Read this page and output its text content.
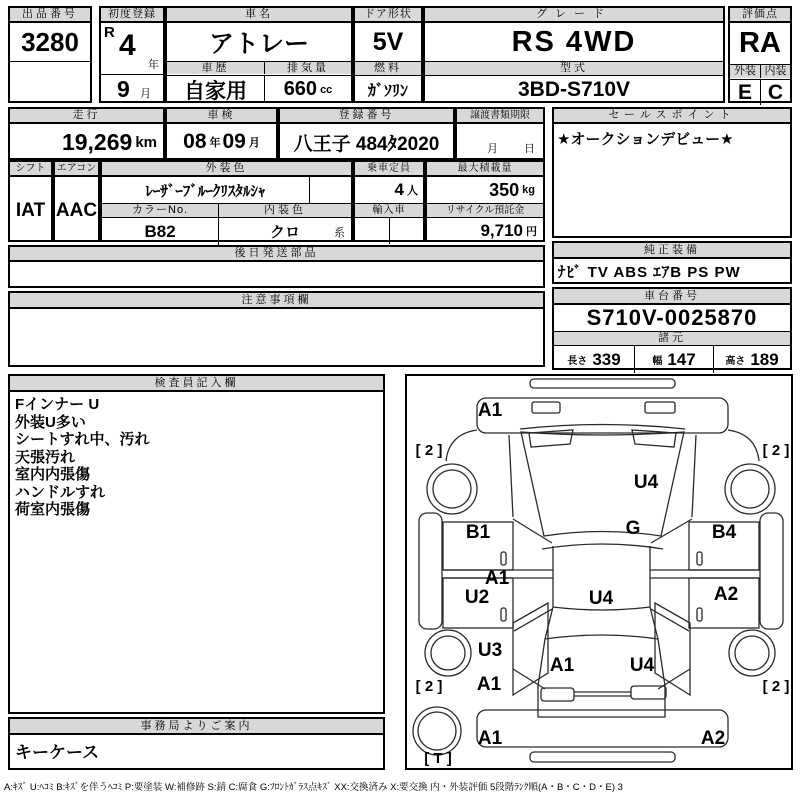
出品番号
3280
初度登録
R 4
年
9 月
車名
アトレー
車歴	排気量
自家用	660 cc
ドア形状
5V
燃料
ｶﾞｿﾘﾝ
グレード
RS 4WD
型式
3BD-S710V
評価点
RA
外装 内装
E C
走行
19,269 km
車検
08 年 09 月
登録番号
八王子 484ﾀ2020
譲渡書類期限
月 日
セールスポイント
★オークションデビュー★
シフト
IAT
エアコン
AAC
外装色
ﾚｰｻﾞｰﾌﾞﾙｰｸﾘｽﾀﾙｼｬ
カラーNo.	内装色
B82	クロ	系
乗車定員
4 人
輸入車
最大積載量
350 kg
リサイクル預託金
9,710 円
後日発送部品
注意事項欄
純正装備
ﾅﾋﾞ TV ABS ｴｱB PS PW
車台番号
S710V-0025870
諸元
長さ 339	幅 147	高さ 189
検査員記入欄
Fインナー U
外装U多い
シートすれ中、汚れ
天張汚れ
室内内張傷
ハンドルすれ
荷室内張傷
事務局よりご案内
キーケース
A1
U4
G
B1	B4
A1
U2	U4	A2
U3
A1
A1	U4
A1	A2
[ 2 ]	[ 2 ]
[ 2 ]	[ 2 ]
[ T ]
A:ｷｽﾞ U:ﾍｺﾐ B:ｷｽﾞを伴うﾍｺﾐ P:要塗装 W:補修跡 S:錆 C:腐食 G:ﾌﾛﾝﾄｶﾞﾗｽ点ｷｽﾞ XX:交換済み X:要交換 内・外装評価 5段階ﾗﾝｸ順(A・B・C・D・E) 3
